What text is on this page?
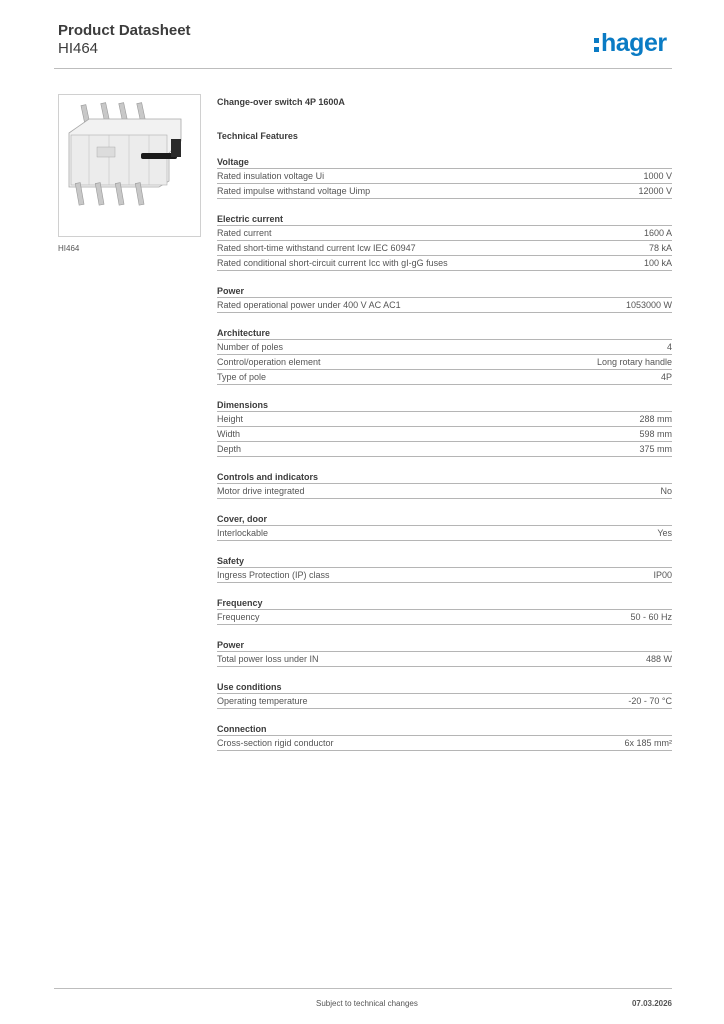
Product Datasheet
HI464	hager
HI464
Change-over switch 4P 1600A
Technical Features
Voltage
Rated insulation voltage Ui	1000 V
Rated impulse withstand voltage Uimp	12000 V
Electric current
Rated current	1600 A
Rated short-time withstand current Icw IEC 60947	78 kA
Rated conditional short-circuit current Icc with gI-gG fuses	100 kA
Power
Rated operational power under 400 V AC AC1	1053000 W
Architecture
Number of poles	4
Control/operation element	Long rotary handle
Type of pole	4P
Dimensions
Height	288 mm
Width	598 mm
Depth	375 mm
Controls and indicators
Motor drive integrated	No
Cover, door
Interlockable	Yes
Safety
Ingress Protection (IP) class	IP00
Frequency
Frequency	50 - 60 Hz
Power
Total power loss under IN	488 W
Use conditions
Operating temperature	-20 - 70 °C
Connection
Cross-section rigid conductor	6x 185 mm²
Subject to technical changes	07.03.2026
